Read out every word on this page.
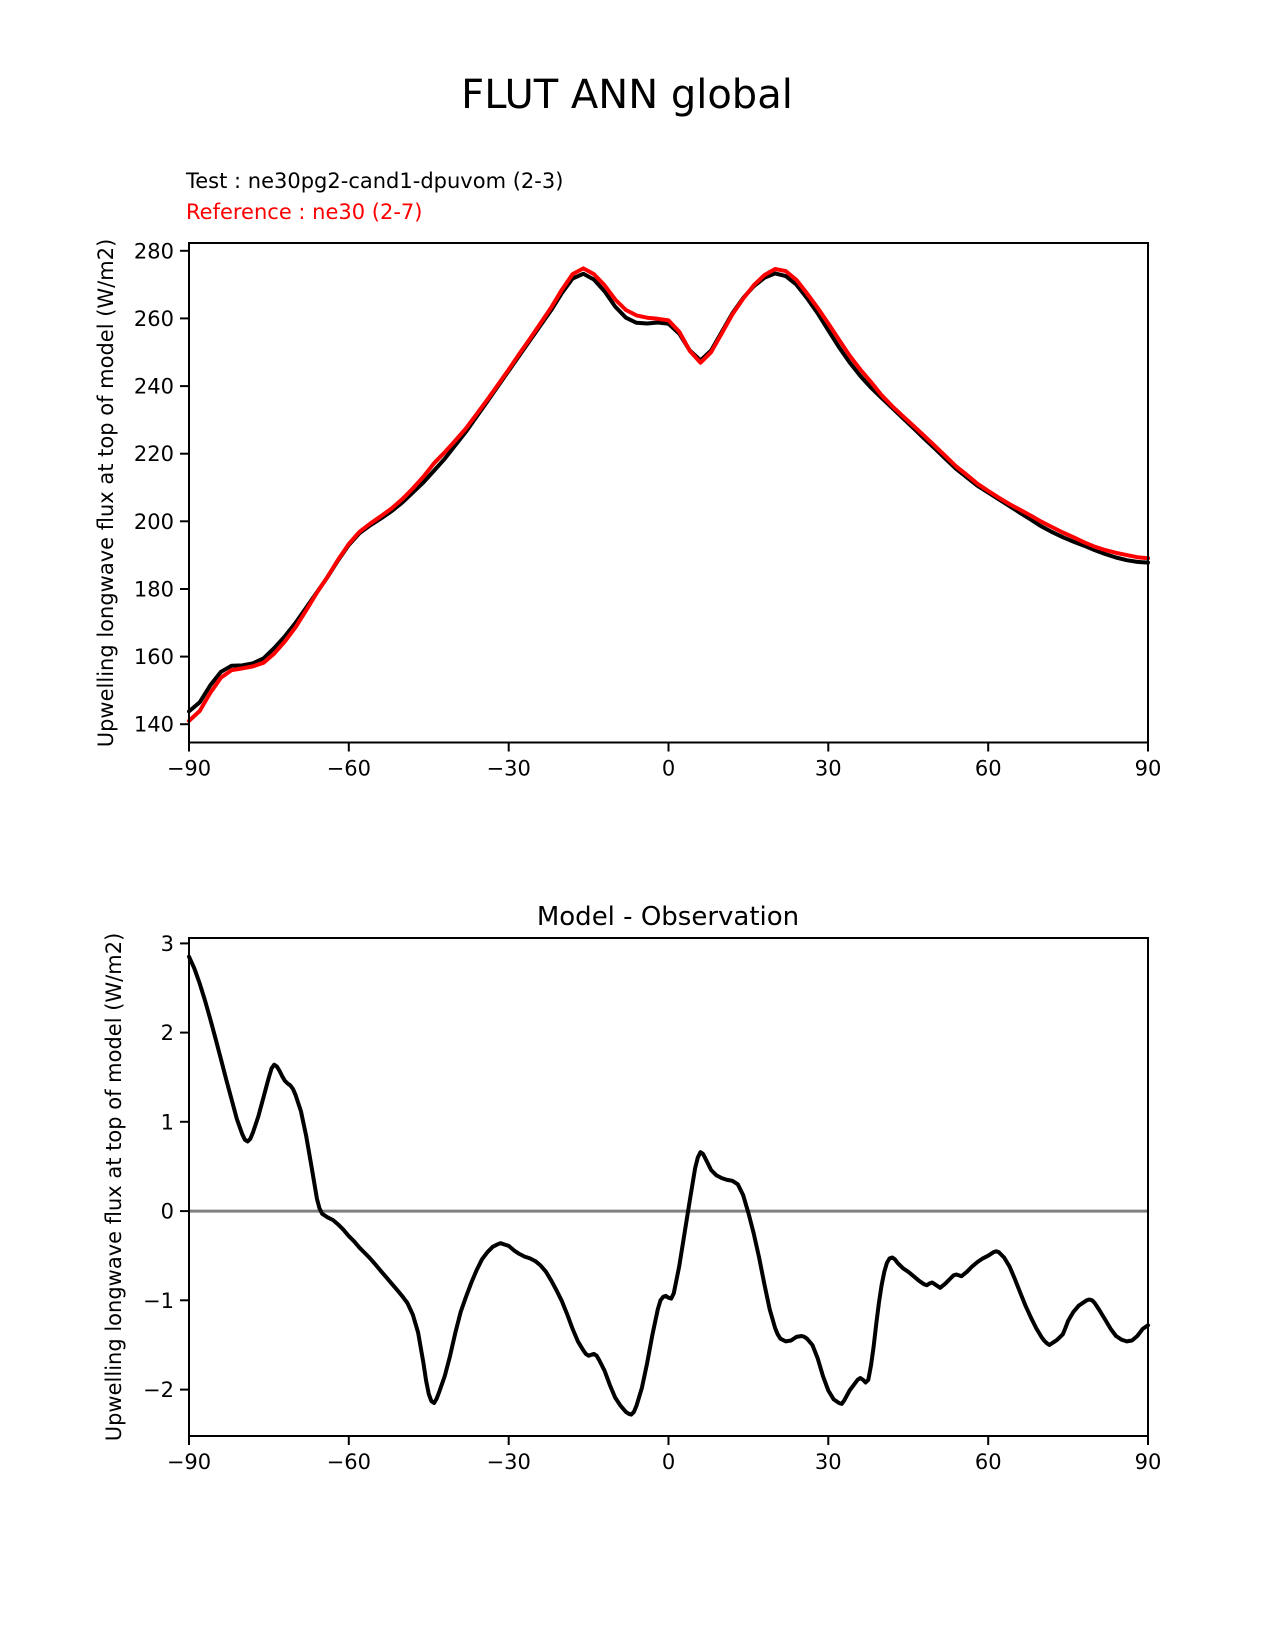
−90	−60	−30	0	30	60	90
140
160
180
200
220
240
260
280
−90	−60	−30	0	30	60	90
−2
−1
0
1
2
3
FLUT ANN global
Test : ne30pg2-cand1-dpuvom (2-3)
Reference : ne30 (2-7)
Upwelling longwave flux at top of model (W/m2)
Upwelling longwave flux at top of model (W/m2)
Model - Observation
